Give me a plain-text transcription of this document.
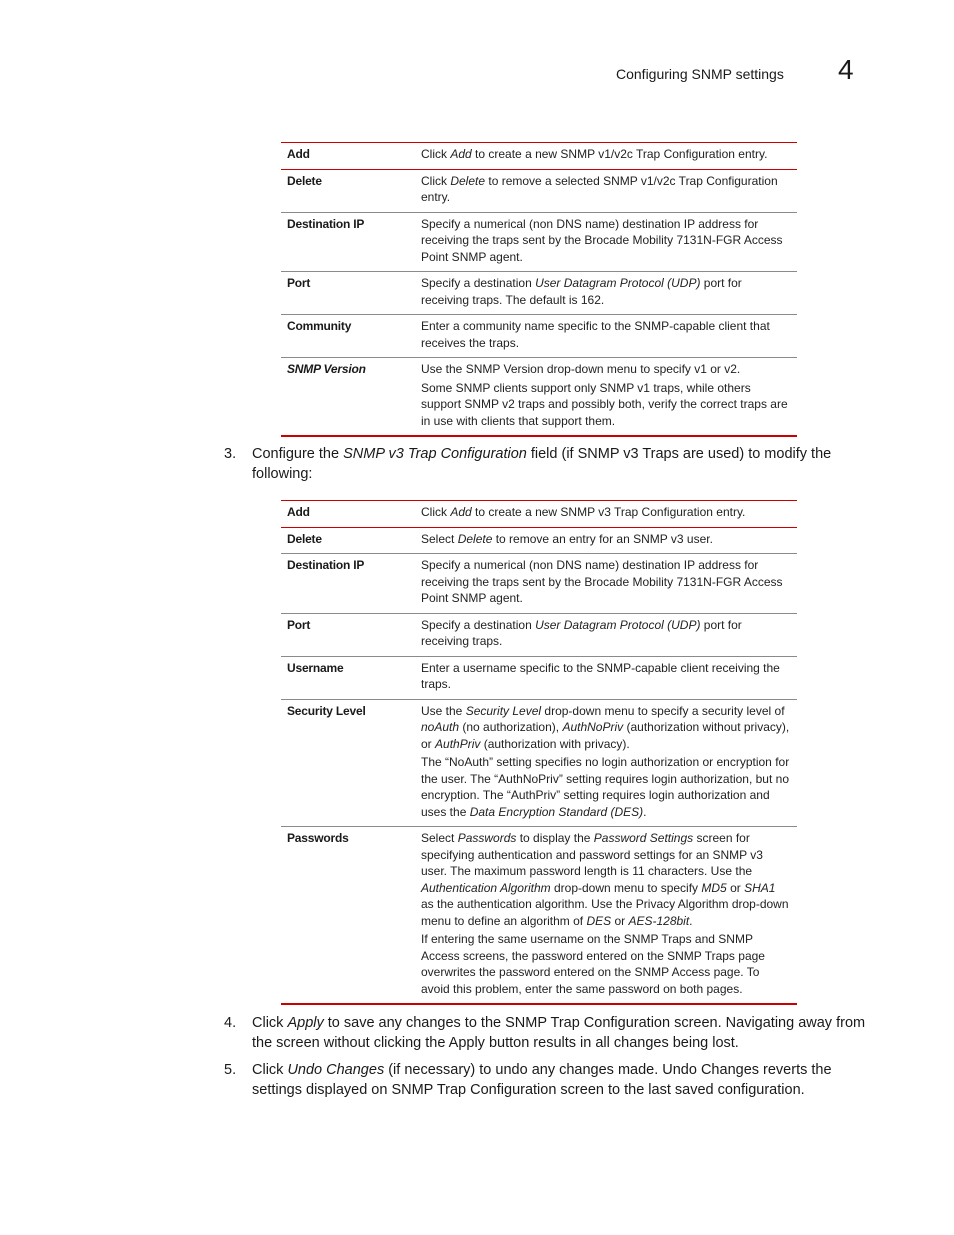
Configuring SNMP settings 4
Add	Click Add to create a new SNMP v1/v2c Trap Configuration entry.

Delete	Click Delete to remove a selected SNMP v1/v2c Trap Configuration entry.

Destination IP	Specify a numerical (non DNS name) destination IP address for receiving the traps sent by the Brocade Mobility 7131N-FGR Access Point SNMP agent.

Port	Specify a destination User Datagram Protocol (UDP) port for receiving traps. The default is 162.

Community	Enter a community name specific to the SNMP-capable client that receives the traps.

SNMP Version	Use the SNMP Version drop-down menu to specify v1 or v2.

Some SNMP clients support only SNMP v1 traps, while others support SNMP v2 traps and possibly both, verify the correct traps are in use with clients that support them.

3. Configure the SNMP v3 Trap Configuration field (if SNMP v3 Traps are used) to modify the following:
Add	Click Add to create a new SNMP v3 Trap Configuration entry.

Delete	Select Delete to remove an entry for an SNMP v3 user.

Destination IP	Specify a numerical (non DNS name) destination IP address for receiving the traps sent by the Brocade Mobility 7131N-FGR Access Point SNMP agent.

Port	Specify a destination User Datagram Protocol (UDP) port for receiving traps.

Username	Enter a username specific to the SNMP-capable client receiving the traps.

Security Level	Use the Security Level drop-down menu to specify a security level of noAuth (no authorization), AuthNoPriv (authorization without privacy), or AuthPriv (authorization with privacy).

The “NoAuth” setting specifies no login authorization or encryption for the user. The “AuthNoPriv” setting requires login authorization, but no encryption. The “AuthPriv” setting requires login authorization and uses the Data Encryption Standard (DES).

Passwords	Select Passwords to display the Password Settings screen for specifying authentication and password settings for an SNMP v3 user. The maximum password length is 11 characters. Use the Authentication Algorithm drop-down menu to specify MD5 or SHA1 as the authentication algorithm. Use the Privacy Algorithm drop-down menu to define an algorithm of DES or AES-128bit.

If entering the same username on the SNMP Traps and SNMP Access screens, the password entered on the SNMP Traps page overwrites the password entered on the SNMP Access page. To avoid this problem, enter the same password on both pages.

4. Click Apply to save any changes to the SNMP Trap Configuration screen. Navigating away from the screen without clicking the Apply button results in all changes being lost.
5. Click Undo Changes (if necessary) to undo any changes made. Undo Changes reverts the settings displayed on SNMP Trap Configuration screen to the last saved configuration.
